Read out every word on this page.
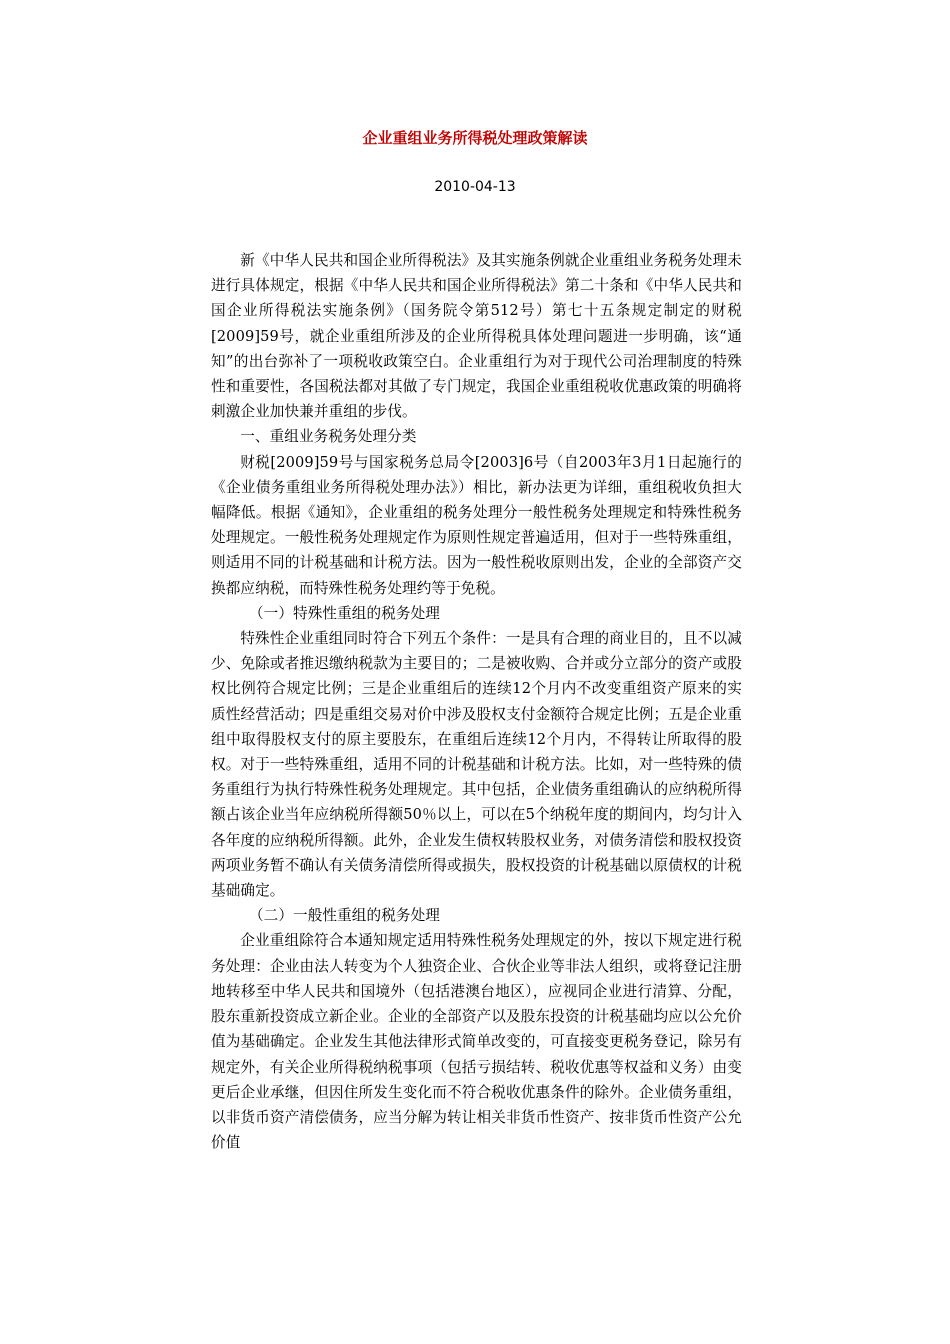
企业重组业务所得税处理政策解读
2010-04-13

新《中华人民共和国企业所得税法》及其实施条例就企业重组业务税务处理未进行具体规定，根据《中华人民共和国企业所得税法》第二十条和《中华人民共和国企业所得税法实施条例》（国务院令第512号）第七十五条规定制定的财税[2009]59号，就企业重组所涉及的企业所得税具体处理问题进一步明确，该“通知”的出台弥补了一项税收政策空白。企业重组行为对于现代公司治理制度的特殊性和重要性，各国税法都对其做了专门规定，我国企业重组税收优惠政策的明确将刺激企业加快兼并重组的步伐。

一、重组业务税务处理分类

财税[2009]59号与国家税务总局令[2003]6号（自2003年3月1日起施行的《企业债务重组业务所得税处理办法》）相比，新办法更为详细，重组税收负担大幅降低。根据《通知》，企业重组的税务处理分一般性税务处理规定和特殊性税务处理规定。一般性税务处理规定作为原则性规定普遍适用，但对于一些特殊重组，则适用不同的计税基础和计税方法。因为一般性税收原则出发，企业的全部资产交换都应纳税，而特殊性税务处理约等于免税。

（一）特殊性重组的税务处理

特殊性企业重组同时符合下列五个条件：一是具有合理的商业目的，且不以减少、免除或者推迟缴纳税款为主要目的；二是被收购、合并或分立部分的资产或股权比例符合规定比例；三是企业重组后的连续12个月内不改变重组资产原来的实质性经营活动；四是重组交易对价中涉及股权支付金额符合规定比例；五是企业重组中取得股权支付的原主要股东，在重组后连续12个月内，不得转让所取得的股权。对于一些特殊重组，适用不同的计税基础和计税方法。比如，对一些特殊的债务重组行为执行特殊性税务处理规定。其中包括，企业债务重组确认的应纳税所得额占该企业当年应纳税所得额50％以上，可以在5个纳税年度的期间内，均匀计入各年度的应纳税所得额。此外，企业发生债权转股权业务，对债务清偿和股权投资两项业务暂不确认有关债务清偿所得或损失，股权投资的计税基础以原债权的计税基础确定。

（二）一般性重组的税务处理

企业重组除符合本通知规定适用特殊性税务处理规定的外，按以下规定进行税务处理：企业由法人转变为个人独资企业、合伙企业等非法人组织，或将登记注册地转移至中华人民共和国境外（包括港澳台地区），应视同企业进行清算、分配，股东重新投资成立新企业。企业的全部资产以及股东投资的计税基础均应以公允价值为基础确定。企业发生其他法律形式简单改变的，可直接变更税务登记，除另有规定外，有关企业所得税纳税事项（包括亏损结转、税收优惠等权益和义务）由变更后企业承继，但因住所发生变化而不符合税收优惠条件的除外。企业债务重组，以非货币资产清偿债务，应当分解为转让相关非货币性资产、按非货币性资产公允价值
